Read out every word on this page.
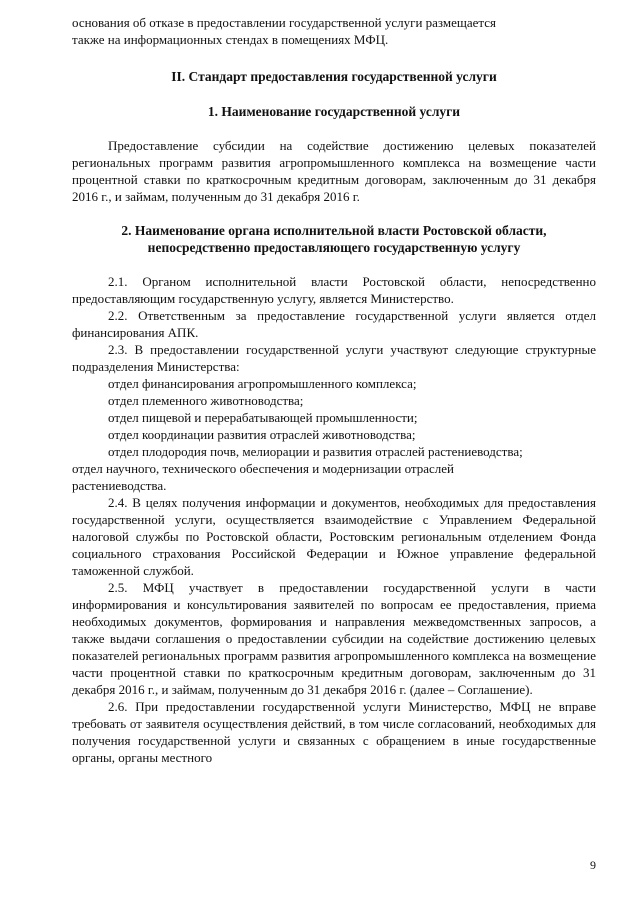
основания об отказе в предоставлении государственной услуги размещается

также на информационных стендах в помещениях МФЦ.

II. Стандарт предоставления государственной услуги

1. Наименование государственной услуги

Предоставление субсидии на содействие достижению целевых показателей региональных программ развития агропромышленного комплекса на возмещение части процентной ставки по краткосрочным кредитным договорам, заключенным до 31 декабря 2016 г., и займам, полученным до 31 декабря 2016 г.

2. Наименование органа исполнительной власти Ростовской области,

непосредственно предоставляющего государственную услугу

2.1. Органом исполнительной власти Ростовской области, непосредственно предоставляющим государственную услугу, является Министерство.

2.2. Ответственным за предоставление государственной услуги является отдел финансирования АПК.

2.3. В предоставлении государственной услуги участвуют следующие структурные подразделения Министерства:

отдел финансирования агропромышленного комплекса;
отдел племенного животноводства;
отдел пищевой и перерабатывающей промышленности;
отдел координации развития отраслей животноводства;
отдел плодородия почв, мелиорации и развития отраслей растениеводства;

отдел научного, технического обеспечения и модернизации отраслей

растениеводства.

2.4. В целях получения информации и документов, необходимых для предоставления государственной услуги, осуществляется взаимодействие с Управлением Федеральной налоговой службы по Ростовской области, Ростовским региональным отделением Фонда социального страхования Российской Федерации и Южное управление федеральной таможенной службой.

2.5. МФЦ участвует в предоставлении государственной услуги в части информирования и консультирования заявителей по вопросам ее предоставления, приема необходимых документов, формирования и направления межведомственных запросов, а также выдачи соглашения о предоставлении субсидии на содействие достижению целевых показателей региональных программ развития агропромышленного комплекса на возмещение части процентной ставки по краткосрочным кредитным договорам, заключенным до 31 декабря 2016 г., и займам, полученным до 31 декабря 2016 г. (далее – Соглашение).

2.6. При предоставлении государственной услуги Министерство, МФЦ не вправе требовать от заявителя осуществления действий, в том числе согласований, необходимых для получения государственной услуги и связанных с обращением в иные государственные органы, органы местного

9
